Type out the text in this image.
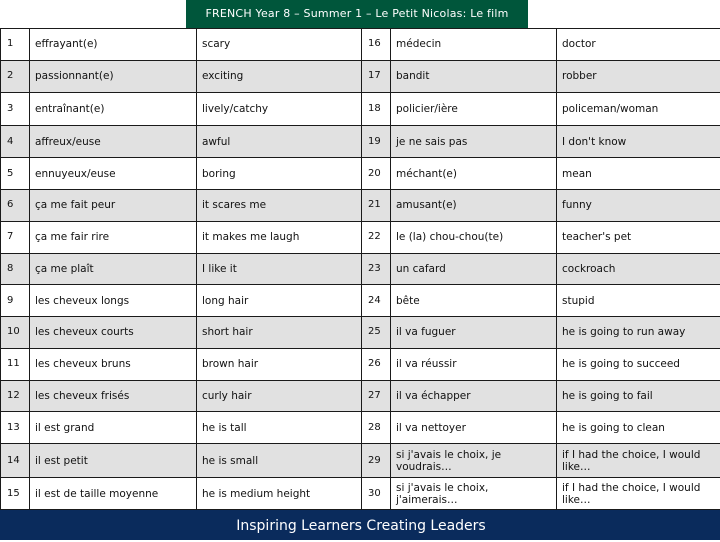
FRENCH Year 8 – Summer 1 – Le Petit Nicolas: Le film
1	effrayant(e)	scary	16	médecin	doctor
2	passionnant(e)	exciting	17	bandit	robber
3	entraînant(e)	lively/catchy	18	policier/ière	policeman/woman
4	affreux/euse	awful	19	je ne sais pas	I don't know
5	ennuyeux/euse	boring	20	méchant(e)	mean
6	ça me fait peur	it scares me	21	amusant(e)	funny
7	ça me fair rire	it makes me laugh	22	le (la) chou-chou(te)	teacher's pet
8	ça me plaît	I like it	23	un cafard	cockroach
9	les cheveux longs	long hair	24	bête	stupid
10	les cheveux courts	short hair	25	il va fuguer	he is going to run away
11	les cheveux bruns	brown hair	26	il va réussir	he is going to succeed
12	les cheveux frisés	curly hair	27	il va échapper	he is going to fail
13	il est grand	he is tall	28	il va nettoyer	he is going to clean
14	il est petit	he is small	29	si j'avais le choix, je voudrais…	if I had the choice, I would like…
15	il est de taille moyenne	he is medium height	30	si j'avais le choix, j'aimerais…	if I had the choice, I would like…
Inspiring Learners Creating Leaders
